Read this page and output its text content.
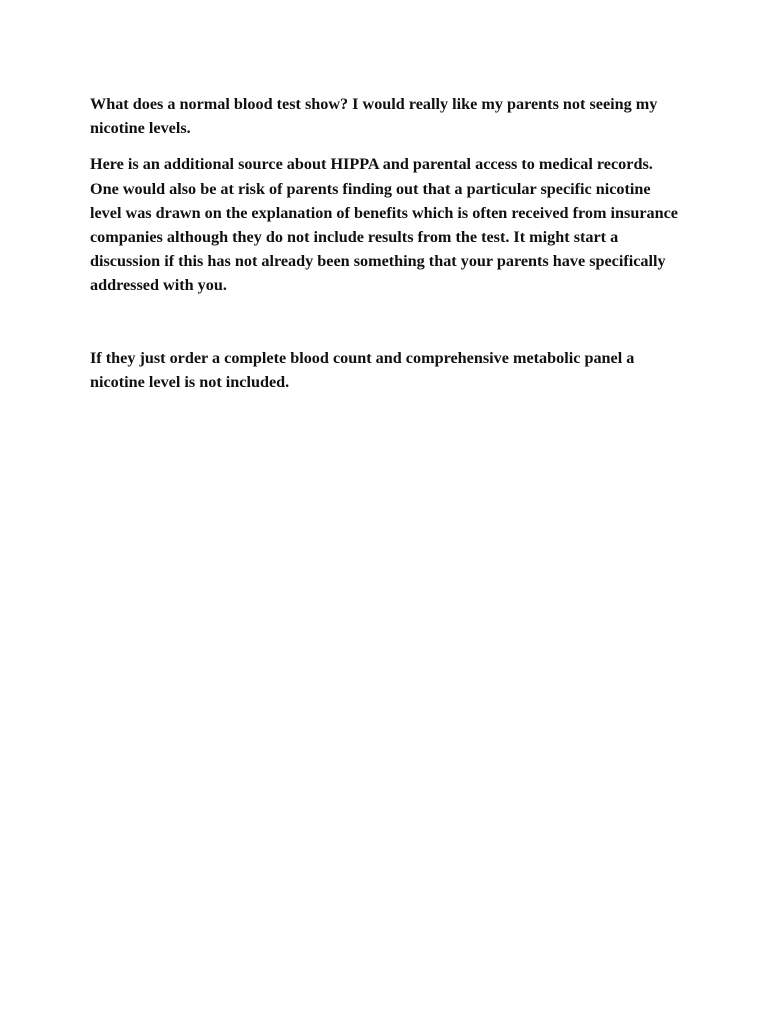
What does a normal blood test show? I would really like my parents not seeing my nicotine levels.

Here is an additional source about HIPPA and parental access to medical records. One would also be at risk of parents finding out that a particular specific nicotine level was drawn on the explanation of benefits which is often received from insurance companies although they do not include results from the test. It might start a discussion if this has not already been something that your parents have specifically addressed with you.

If they just order a complete blood count and comprehensive metabolic panel a nicotine level is not included.
